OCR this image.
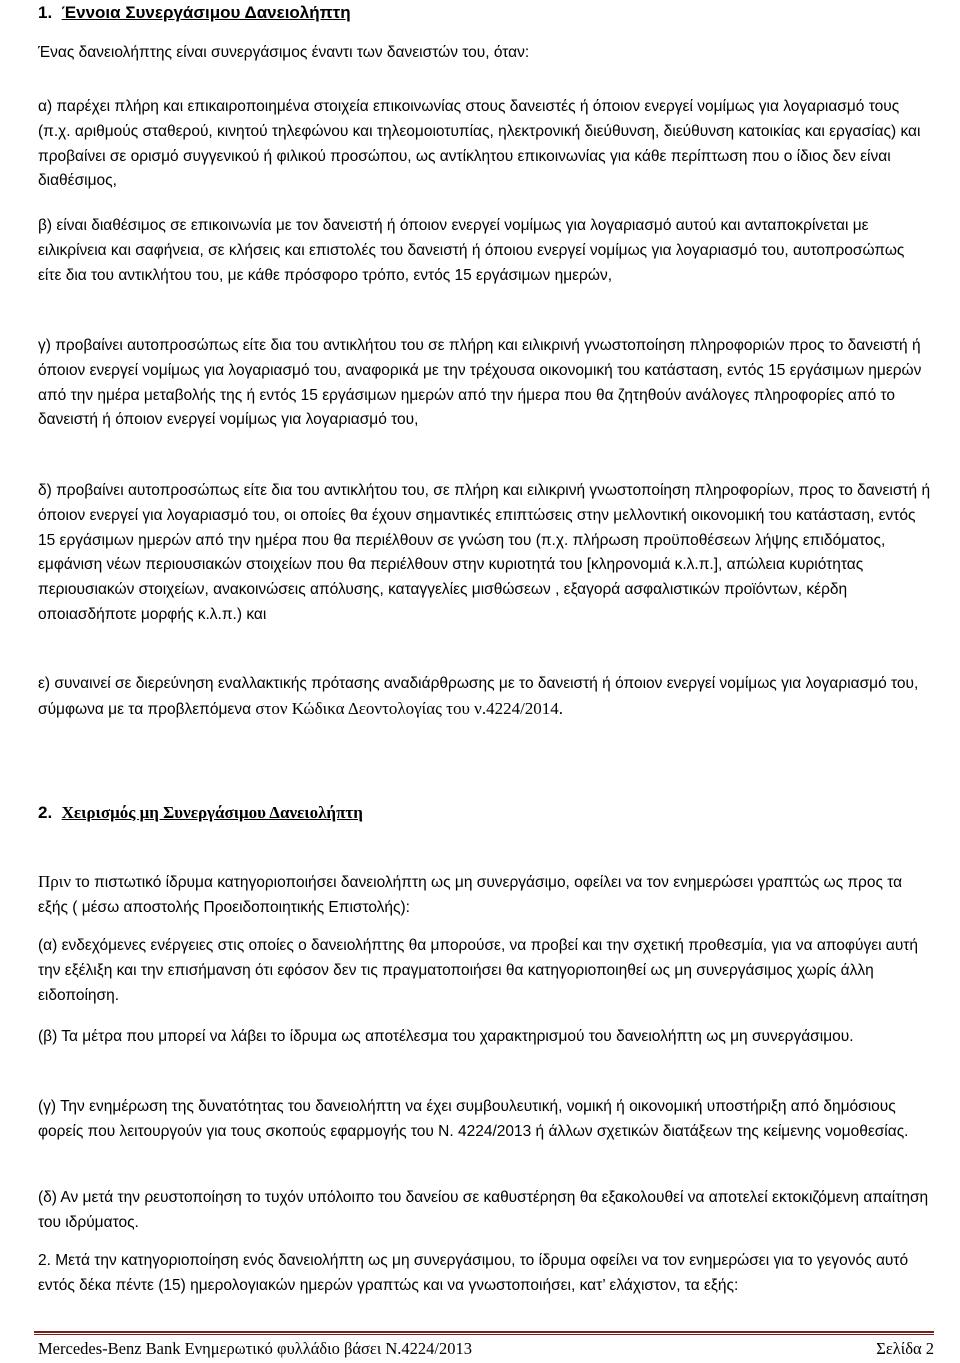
1. Έννοια Συνεργάσιμου Δανειολήπτη

Ένας δανειολήπτης είναι συνεργάσιμος έναντι των δανειστών του, όταν:

α) παρέχει πλήρη και επικαιροποιημένα στοιχεία επικοινωνίας στους δανειστές ή όποιον ενεργεί νομίμως για λογαριασμό τους (π.χ. αριθμούς σταθερού, κινητού τηλεφώνου και τηλεομοιοτυπίας, ηλεκτρονική διεύθυνση, διεύθυνση κατοικίας και εργασίας) και προβαίνει σε ορισμό συγγενικού ή φιλικού προσώπου, ως αντίκλητου επικοινωνίας για κάθε περίπτωση που ο ίδιος δεν είναι διαθέσιμος,

β) είναι διαθέσιμος σε επικοινωνία με τον δανειστή ή όποιον ενεργεί νομίμως για λογαριασμό αυτού και ανταποκρίνεται με ειλικρίνεια και σαφήνεια, σε κλήσεις και επιστολές του δανειστή ή όποιου ενεργεί νομίμως για λογαριασμό του, αυτοπροσώπως είτε δια του αντικλήτου του, με κάθε πρόσφορο τρόπο, εντός 15 εργάσιμων ημερών,

γ) προβαίνει αυτοπροσώπως είτε δια του αντικλήτου του σε πλήρη και ειλικρινή γνωστοποίηση πληροφοριών προς το δανειστή ή όποιον ενεργεί νομίμως για λογαριασμό του, αναφορικά με την τρέχουσα οικονομική του κατάσταση, εντός 15 εργάσιμων ημερών από την ημέρα μεταβολής της ή εντός 15 εργάσιμων ημερών από την ήμερα που θα ζητηθούν ανάλογες πληροφορίες από το δανειστή ή όποιον ενεργεί νομίμως για λογαριασμό του,

δ) προβαίνει αυτοπροσώπως είτε δια του αντικλήτου του, σε πλήρη και ειλικρινή γνωστοποίηση πληροφορίων, προς το δανειστή ή όποιον ενεργεί για λογαριασμό του, οι οποίες θα έχουν σημαντικές επιπτώσεις στην μελλοντική οικονομική του κατάσταση, εντός 15 εργάσιμων ημερών από την ημέρα που θα περιέλθουν σε γνώση του (π.χ. πλήρωση προϋποθέσεων λήψης επιδόματος, εμφάνιση νέων περιουσιακών στοιχείων που θα περιέλθουν στην κυριοτητά του [κληρονομιά κ.λ.π.], απώλεια κυριότητας περιουσιακών στοιχείων, ανακοινώσεις απόλυσης, καταγγελίες μισθώσεων , εξαγορά ασφαλιστικών προϊόντων, κέρδη οποιασδήποτε μορφής κ.λ.π.) και

ε) συναινεί σε διερεύνηση εναλλακτικής πρότασης αναδιάρθρωσης με το δανειστή ή όποιον ενεργεί νομίμως για λογαριασμό του, σύμφωνα με τα προβλεπόμενα στον Κώδικα Δεοντολογίας του ν.4224/2014.

2. Χειρισμός μη Συνεργάσιμου Δανειολήπτη

Πριν το πιστωτικό ίδρυμα κατηγοριοποιήσει δανειολήπτη ως μη συνεργάσιμο, οφείλει να τον ενημερώσει γραπτώς ως προς τα εξής ( μέσω αποστολής Προειδοποιητικής Επιστολής):

(α) ενδεχόμενες ενέργειες στις οποίες ο δανειολήπτης θα μπορούσε, να προβεί και την σχετική προθεσμία, για να αποφύγει αυτή την εξέλιξη και την επισήμανση ότι εφόσον δεν τις πραγματοποιήσει θα κατηγοριοποιηθεί ως μη συνεργάσιμος χωρίς άλλη ειδοποίηση.

(β) Τα μέτρα που μπορεί να λάβει το ίδρυμα ως αποτέλεσμα του χαρακτηρισμού του δανειολήπτη ως μη συνεργάσιμου.

(γ) Την ενημέρωση της δυνατότητας του δανειολήπτη να έχει συμβουλευτική, νομική ή οικονομική υποστήριξη από δημόσιους φορείς που λειτουργούν για τους σκοπούς εφαρμογής του Ν. 4224/2013 ή άλλων σχετικών διατάξεων της κείμενης νομοθεσίας.

(δ) Αν μετά την ρευστοποίηση το τυχόν υπόλοιπο του δανείου σε καθυστέρηση θα εξακολουθεί να αποτελεί εκτοκιζόμενη απαίτηση του ιδρύματος.

2. Μετά την κατηγοριοποίηση ενός δανειολήπτη ως μη συνεργάσιμου, το ίδρυμα οφείλει να τον ενημερώσει για το γεγονός αυτό εντός δέκα πέντε (15) ημερολογιακών ημερών γραπτώς και να γνωστοποιήσει, κατ’ ελάχιστον, τα εξής:

Mercedes-Benz Bank Ενημερωτικό φυλλάδιο βάσει Ν.4224/2013	Σελίδα 2
